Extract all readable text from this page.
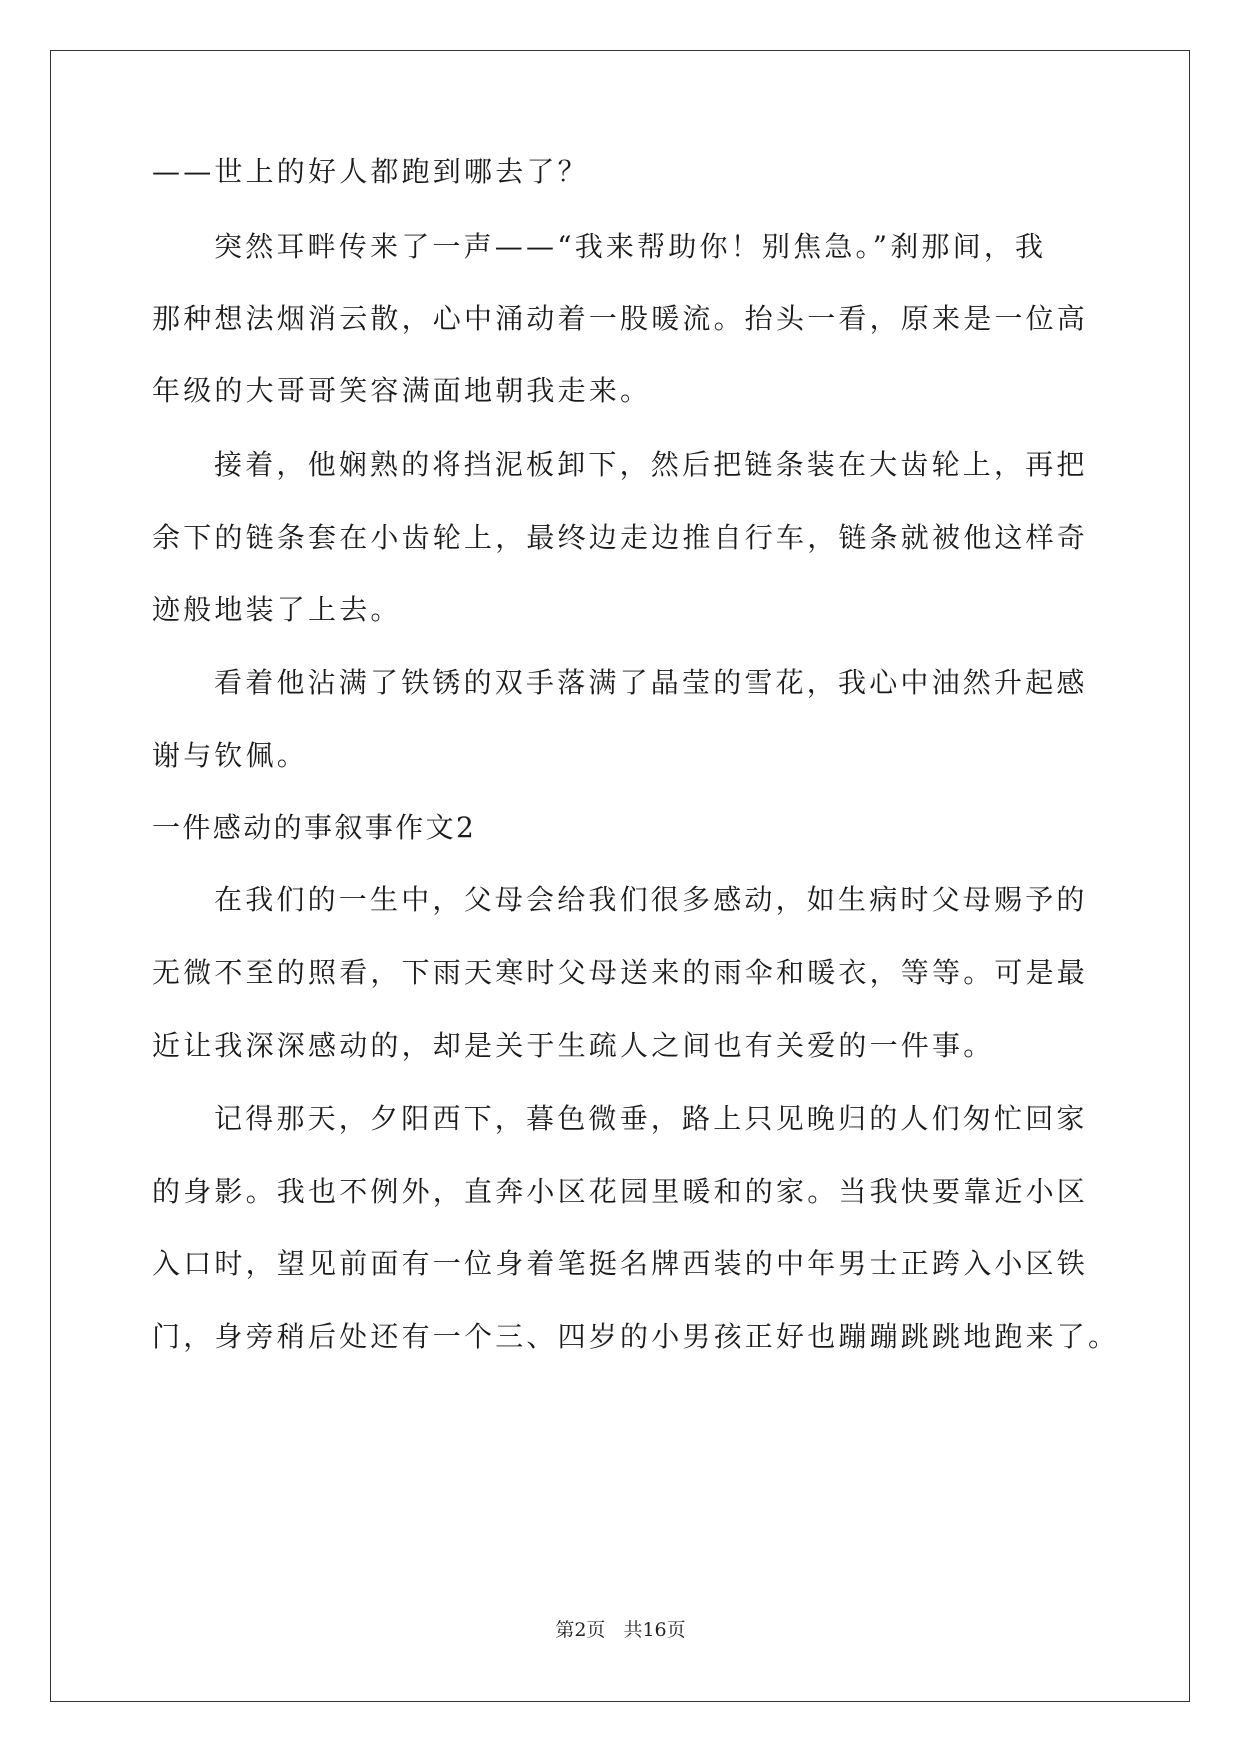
——世上的好人都跑到哪去了？
突然耳畔传来了一声——“我来帮助你！别焦急。”刹那间，我
那种想法烟消云散，心中涌动着一股暖流。抬头一看，原来是一位高
年级的大哥哥笑容满面地朝我走来。
接着，他娴熟的将挡泥板卸下，然后把链条装在大齿轮上，再把
余下的链条套在小齿轮上，最终边走边推自行车，链条就被他这样奇
迹般地装了上去。
看着他沾满了铁锈的双手落满了晶莹的雪花，我心中油然升起感
谢与钦佩。
一件感动的事叙事作文2
在我们的一生中，父母会给我们很多感动，如生病时父母赐予的
无微不至的照看，下雨天寒时父母送来的雨伞和暖衣，等等。可是最
近让我深深感动的，却是关于生疏人之间也有关爱的一件事。
记得那天，夕阳西下，暮色微垂，路上只见晚归的人们匆忙回家
的身影。我也不例外，直奔小区花园里暖和的家。当我快要靠近小区
入口时，望见前面有一位身着笔挺名牌西装的中年男士正跨入小区铁
门，身旁稍后处还有一个三、四岁的小男孩正好也蹦蹦跳跳地跑来了。
第2页 共16页
